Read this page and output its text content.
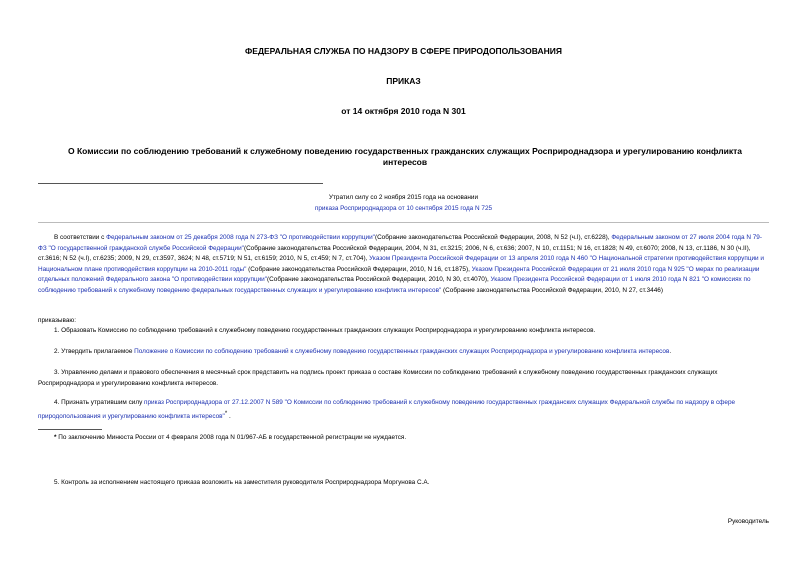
ФЕДЕРАЛЬНАЯ СЛУЖБА ПО НАДЗОРУ В СФЕРЕ ПРИРОДОПОЛЬЗОВАНИЯ
ПРИКАЗ
от 14 октября 2010 года N 301
О Комиссии по соблюдению требований к служебному поведению государственных гражданских служащих Росприроднадзора и урегулированию конфликта интересов
Утратил силу со 2 ноября 2015 года на основании
приказа Росприроднадзора от 10 сентября 2015 года N 725
В соответствии с Федеральным законом от 25 декабря 2008 года N 273-ФЗ "О противодействии коррупции"(Собрание законодательства Российской Федерации, 2008, N 52 (ч.I), ст.6228), Федеральным законом от 27 июля 2004 года N 79-ФЗ "О государственной гражданской службе Российской Федерации"(Собрание законодательства Российской Федерации, 2004, N 31, ст.3215; 2006, N 6, ст.636; 2007, N 10, ст.1151; N 16, ст.1828; N 49, ст.6070; 2008, N 13, ст.1186, N 30 (ч.II), ст.3616; N 52 (ч.I), ст.6235; 2009, N 29, ст.3597, 3624; N 48, ст.5719; N 51, ст.6159; 2010, N 5, ст.459; N 7, ст.704), Указом Президента Российской Федерации от 13 апреля 2010 года N 460 "О Национальной стратегии противодействия коррупции и Национальном плане противодействия коррупции на 2010-2011 годы" (Собрание законодательства Российской Федерации, 2010, N 16, ст.1875), Указом Президента Российской Федерации от 21 июля 2010 года N 925 "О мерах по реализации отдельных положений Федерального закона "О противодействии коррупции"(Собрание законодательства Российской Федерации, 2010, N 30, ст.4070), Указом Президента Российской Федерации от 1 июля 2010 года N 821 "О комиссиях по соблюдению требований к служебному поведению федеральных государственных служащих и урегулированию конфликта интересов" (Собрание законодательства Российской Федерации, 2010, N 27, ст.3446)
приказываю:
1. Образовать Комиссию по соблюдению требований к служебному поведению государственных гражданских служащих Росприроднадзора и урегулированию конфликта интересов.
2. Утвердить прилагаемое Положение о Комиссии по соблюдению требований к служебному поведению государственных гражданских служащих Росприроднадзора и урегулированию конфликта интересов.
3. Управлению делами и правового обеспечения в месячный срок представить на подпись проект приказа о составе Комиссии по соблюдению требований к служебному поведению государственных гражданских служащих Росприроднадзора и урегулированию конфликта интересов.
4. Признать утратившим силу приказ Росприроднадзора от 27.12.2007 N 589 "О Комиссии по соблюдению требований к служебному поведению государственных гражданских служащих Федеральной службы по надзору в сфере природопользования и урегулированию конфликта интересов"* .
* По заключению Минюста России от 4 февраля 2008 года N 01/967-АБ в государственной регистрации не нуждается.
5. Контроль за исполнением настоящего приказа возложить на заместителя руководителя Росприроднадзора Моргунова С.А.
Руководитель
